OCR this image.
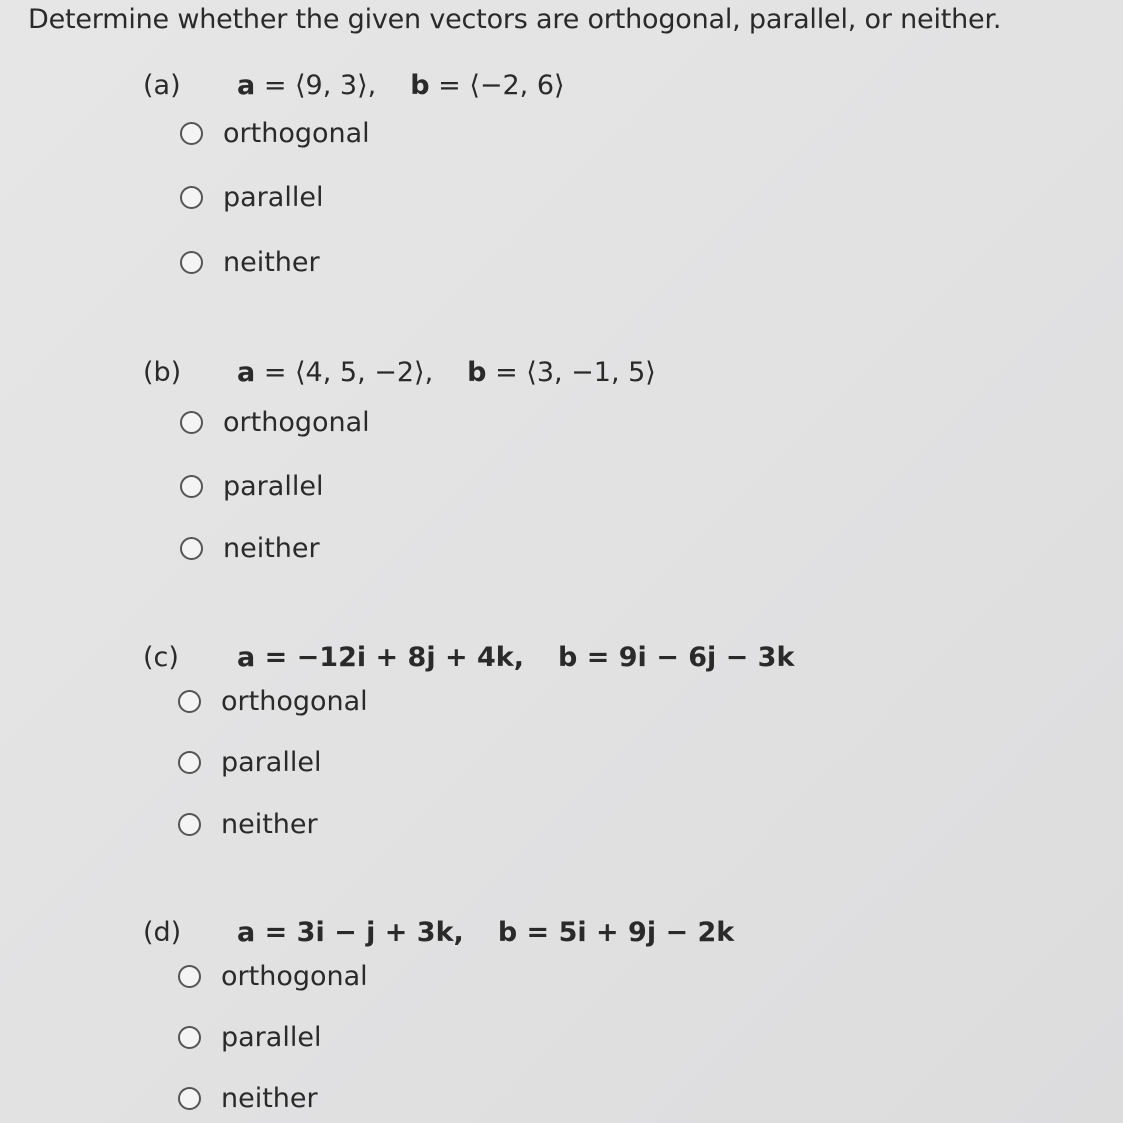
Determine whether the given vectors are orthogonal, parallel, or neither.
(a) a = ⟨9, 3⟩, b = ⟨−2, 6⟩
orthogonal
parallel
neither
(b) a = ⟨4, 5, −2⟩, b = ⟨3, −1, 5⟩
orthogonal
parallel
neither
(c) a = −12i + 8j + 4k, b = 9i − 6j − 3k
orthogonal
parallel
neither
(d) a = 3i − j + 3k, b = 5i + 9j − 2k
orthogonal
parallel
neither
